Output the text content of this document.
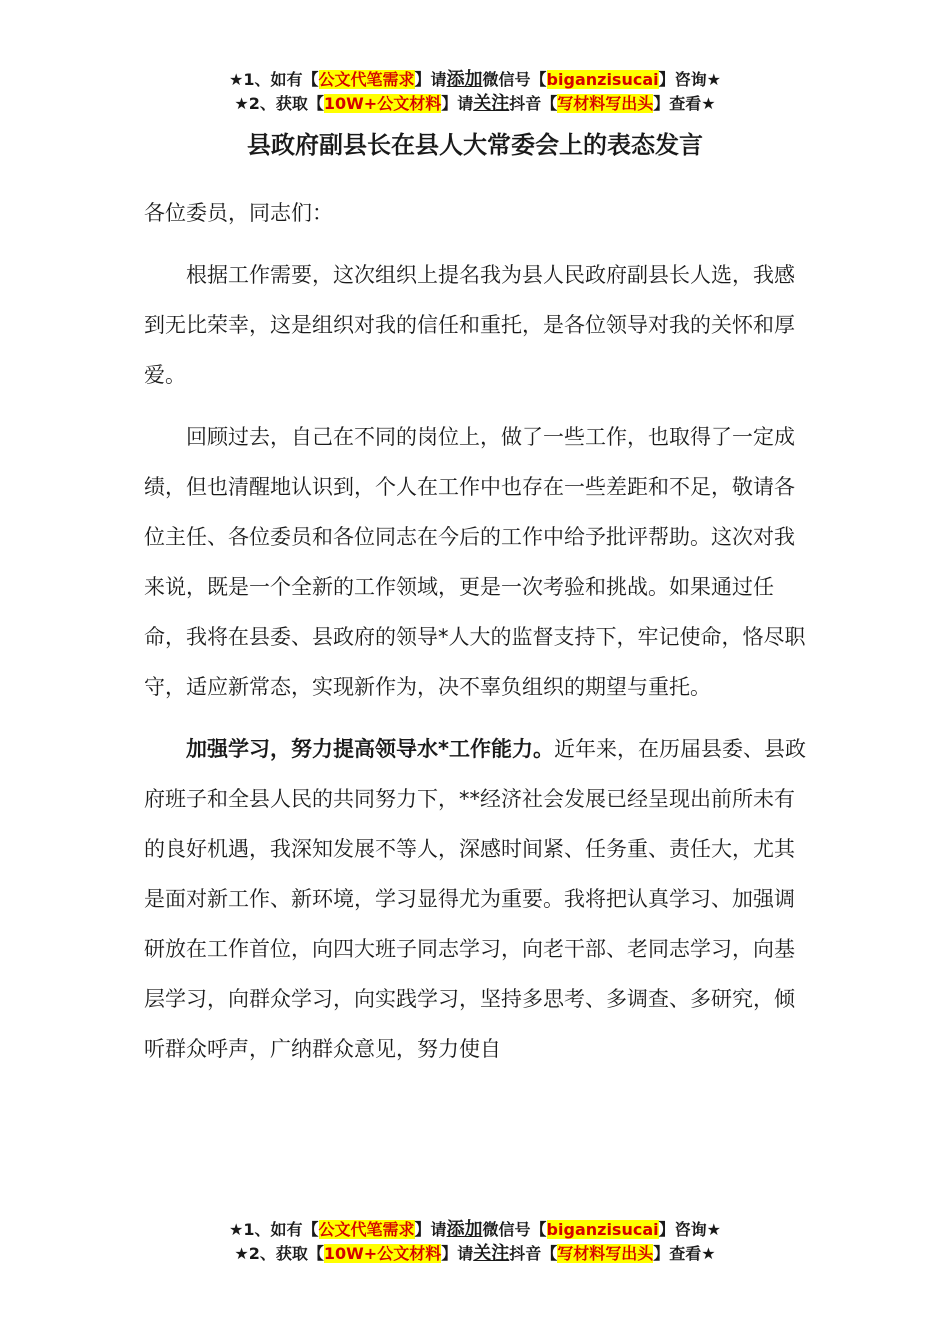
★1、如有【公文代笔需求】请添加微信号【biganzisucai】咨询★
★2、获取【10W+公文材料】请关注抖音【写材料写出头】查看★
县政府副县长在县人大常委会上的表态发言

各位委员，同志们：

根据工作需要，这次组织上提名我为县人民政府副县长人选，我感到无比荣幸，这是组织对我的信任和重托，是各位领导对我的关怀和厚爱。

回顾过去，自己在不同的岗位上，做了一些工作，也取得了一定成绩，但也清醒地认识到，个人在工作中也存在一些差距和不足，敬请各位主任、各位委员和各位同志在今后的工作中给予批评帮助。这次对我来说，既是一个全新的工作领域，更是一次考验和挑战。如果通过任命，我将在县委、县政府的领导*人大的监督支持下，牢记使命，恪尽职守，适应新常态，实现新作为，决不辜负组织的期望与重托。

加强学习，努力提高领导水*工作能力。近年来，在历届县委、县政府班子和全县人民的共同努力下，**经济社会发展已经呈现出前所未有的良好机遇，我深知发展不等人，深感时间紧、任务重、责任大，尤其是面对新工作、新环境，学习显得尤为重要。我将把认真学习、加强调研放在工作首位，向四大班子同志学习，向老干部、老同志学习，向基层学习，向群众学习，向实践学习，坚持多思考、多调查、多研究，倾听群众呼声，广纳群众意见，努力使自

★1、如有【公文代笔需求】请添加微信号【biganzisucai】咨询★
★2、获取【10W+公文材料】请关注抖音【写材料写出头】查看★
